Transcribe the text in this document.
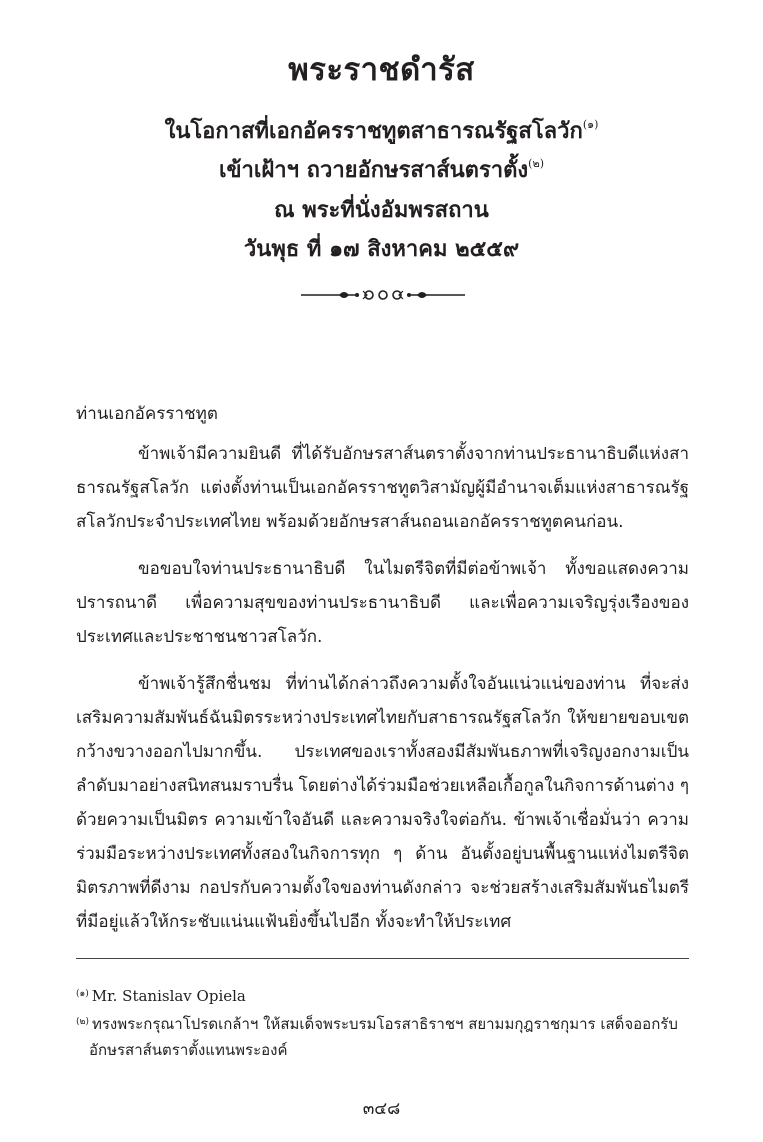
พระราชดำรัส
ในโอกาสที่เอกอัครราชทูตสาธารณรัฐสโลวัก$^{(๑)}$
เข้าเฝ้าฯ ถวายอักษรสาส์นตราตั้ง$^{(๒)}$
ณ พระที่นั่งอัมพรสถาน
วันพุธ ที่ ๑๗ สิงหาคม ๒๕๕๙
ท่านเอกอัครราชทูต

ข้าพเจ้ามีความยินดี ที่ได้รับอักษรสาส์นตราตั้งจากท่านประธานาธิบดีแห่งสาธารณรัฐสโลวัก แต่งตั้งท่านเป็นเอกอัครราชทูตวิสามัญผู้มีอำนาจเต็มแห่งสาธารณรัฐสโลวักประจำประเทศไทย พร้อมด้วยอักษรสาส์นถอนเอกอัครราชทูตคนก่อน.

ขอขอบใจท่านประธานาธิบดี ในไมตรีจิตที่มีต่อข้าพเจ้า ทั้งขอแสดงความปรารถนาดี เพื่อความสุขของท่านประธานาธิบดี และเพื่อความเจริญรุ่งเรืองของประเทศและประชาชนชาวสโลวัก.

ข้าพเจ้ารู้สึกชื่นชม ที่ท่านได้กล่าวถึงความตั้งใจอันแน่วแน่ของท่าน ที่จะส่งเสริมความสัมพันธ์ฉันมิตรระหว่างประเทศไทยกับสาธารณรัฐสโลวัก ให้ขยายขอบเขตกว้างขวางออกไปมากขึ้น. ประเทศของเราทั้งสองมีสัมพันธภาพที่เจริญงอกงามเป็นลำดับมาอย่างสนิทสนมราบรื่น โดยต่างได้ร่วมมือช่วยเหลือเกื้อกูลในกิจการด้านต่าง ๆ ด้วยความเป็นมิตร ความเข้าใจอันดี และความจริงใจต่อกัน. ข้าพเจ้าเชื่อมั่นว่า ความร่วมมือระหว่างประเทศทั้งสองในกิจการทุก ๆ ด้าน อันตั้งอยู่บนพื้นฐานแห่งไมตรีจิตมิตรภาพที่ดีงาม กอปรกับความตั้งใจของท่านดังกล่าว จะช่วยสร้างเสริมสัมพันธไมตรีที่มีอยู่แล้วให้กระชับแน่นแฟ้นยิ่งขึ้นไปอีก ทั้งจะทำให้ประเทศ

$^{(๑)}$ Mr. Stanislav Opiela
$^{(๒)}$ ทรงพระกรุณาโปรดเกล้าฯ ให้สมเด็จพระบรมโอรสาธิราชฯ สยามมกุฎราชกุมาร เสด็จออกรับ
อักษรสาส์นตราตั้งแทนพระองค์
๓๔๘
